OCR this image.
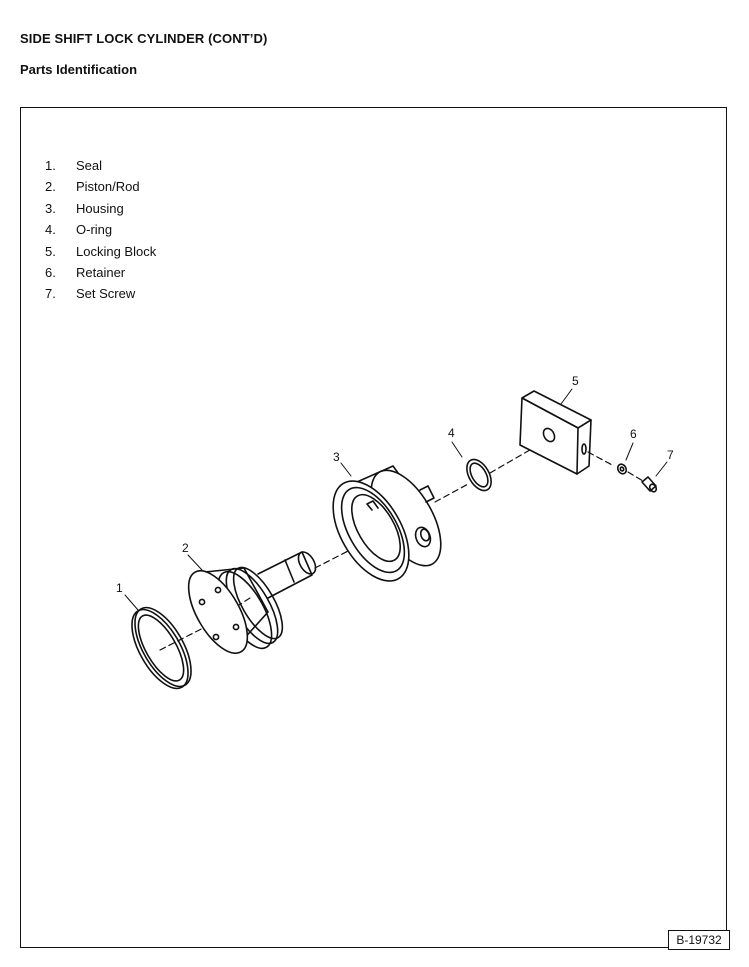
SIDE SHIFT LOCK CYLINDER (CONT’D)
Parts Identification
1.	Seal
2.	Piston/Rod
3.	Housing
4.	O-ring
5.	Locking Block
6.	Retainer
7.	Set Screw
1
2
3
4
5
6
7
B-19732
